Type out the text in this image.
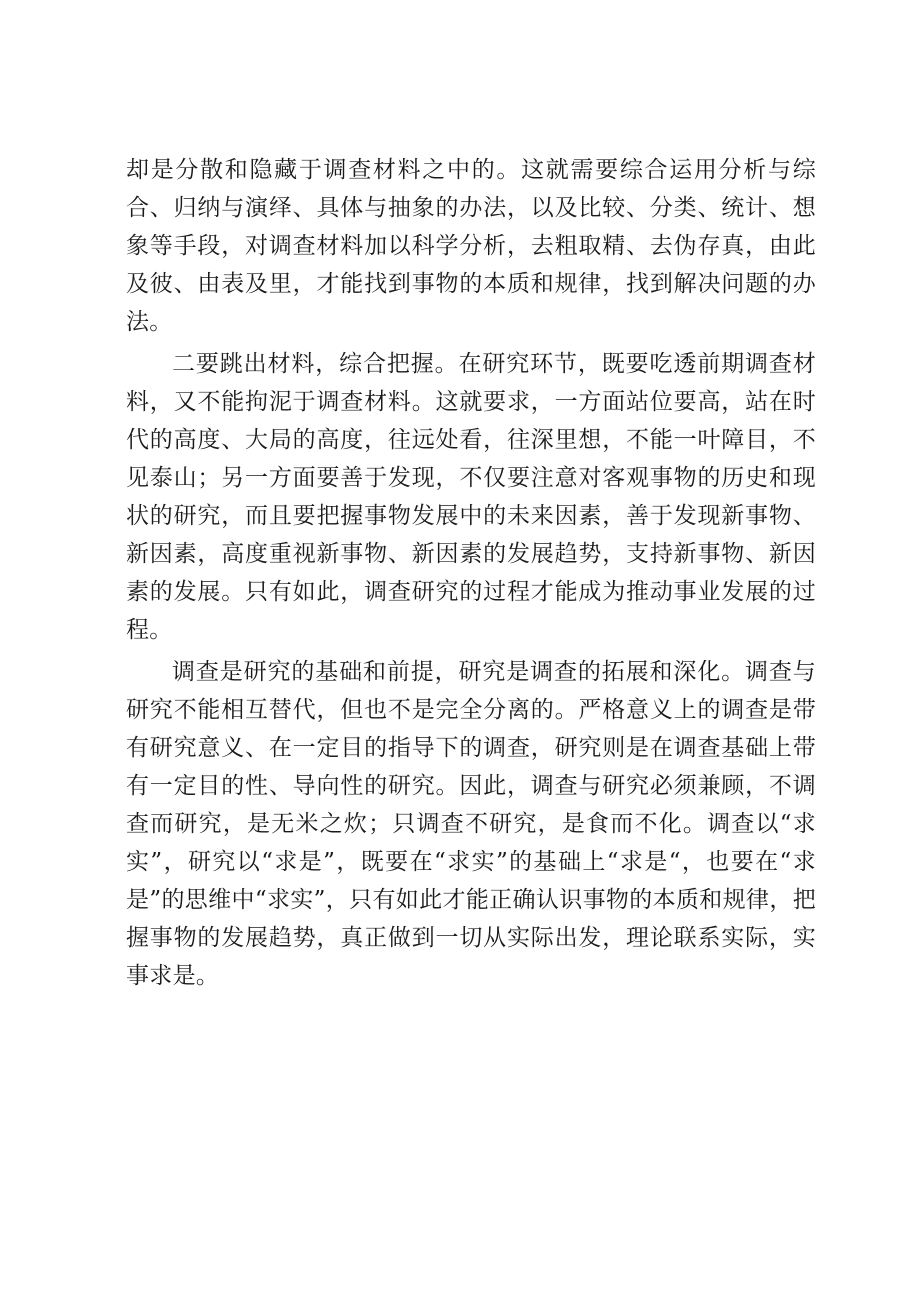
却是分散和隐藏于调查材料之中的。这就需要综合运用分析与综合、归纳与演绎、具体与抽象的办法，以及比较、分类、统计、想象等手段，对调查材料加以科学分析，去粗取精、去伪存真，由此及彼、由表及里，才能找到事物的本质和规律，找到解决问题的办法。

二要跳出材料，综合把握。在研究环节，既要吃透前期调查材料，又不能拘泥于调查材料。这就要求，一方面站位要高，站在时代的高度、大局的高度，往远处看，往深里想，不能一叶障目，不见泰山；另一方面要善于发现，不仅要注意对客观事物的历史和现状的研究，而且要把握事物发展中的未来因素，善于发现新事物、新因素，高度重视新事物、新因素的发展趋势，支持新事物、新因素的发展。只有如此，调查研究的过程才能成为推动事业发展的过程。

调查是研究的基础和前提，研究是调查的拓展和深化。调查与研究不能相互替代，但也不是完全分离的。严格意义上的调查是带有研究意义、在一定目的指导下的调查，研究则是在调查基础上带有一定目的性、导向性的研究。因此，调查与研究必须兼顾，不调查而研究，是无米之炊；只调查不研究，是食而不化。调查以“求实”，研究以“求是”，既要在“求实”的基础上“求是“，也要在“求是”的思维中“求实”，只有如此才能正确认识事物的本质和规律，把握事物的发展趋势，真正做到一切从实际出发，理论联系实际，实事求是。
